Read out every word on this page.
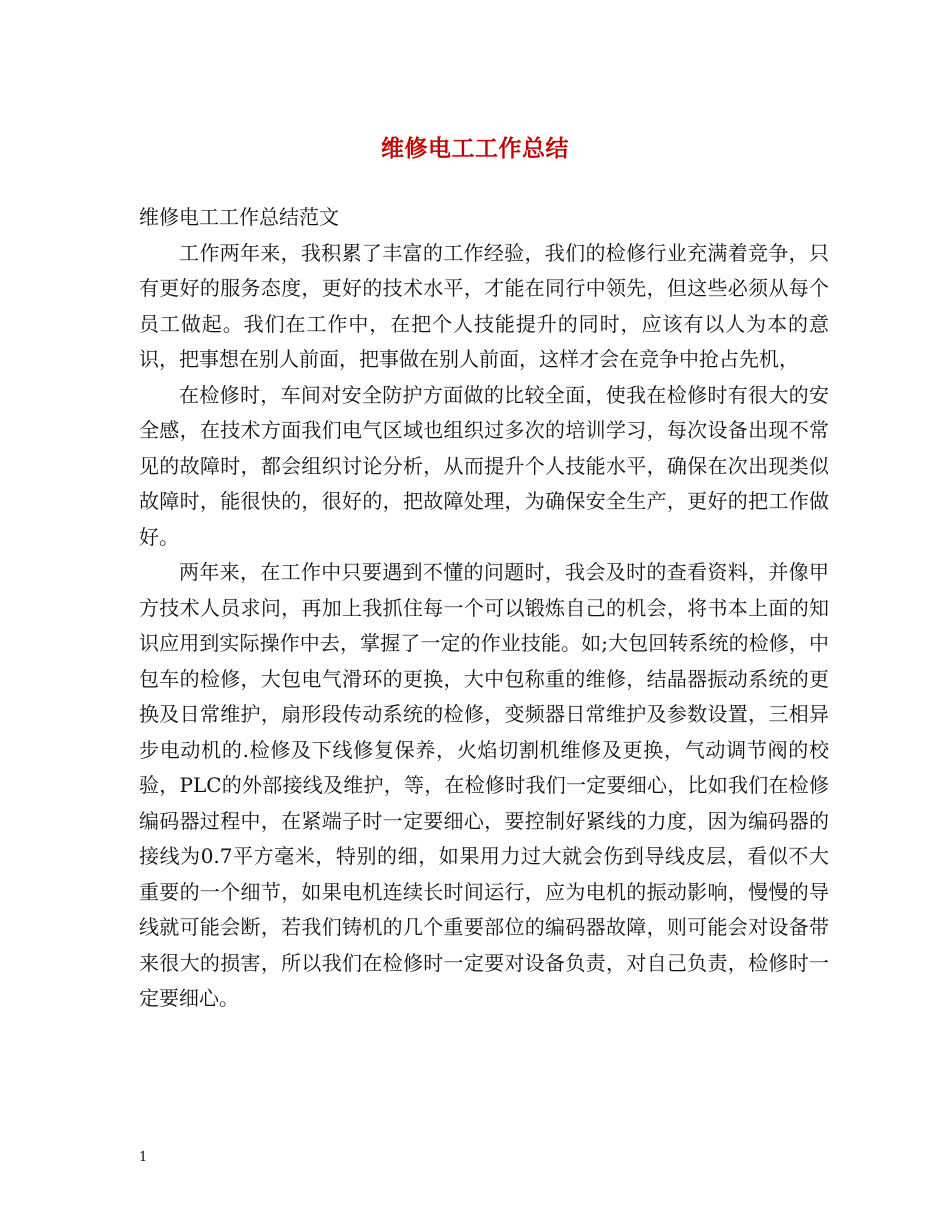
维修电工工作总结

维修电工工作总结范文

工作两年来，我积累了丰富的工作经验，我们的检修行业充满着竞争，只有更好的服务态度，更好的技术水平，才能在同行中领先，但这些必须从每个员工做起。我们在工作中，在把个人技能提升的同时，应该有以人为本的意识，把事想在别人前面，把事做在别人前面，这样才会在竞争中抢占先机，

在检修时，车间对安全防护方面做的比较全面，使我在检修时有很大的安全感，在技术方面我们电气区域也组织过多次的培训学习，每次设备出现不常见的故障时，都会组织讨论分析，从而提升个人技能水平，确保在次出现类似故障时，能很快的，很好的，把故障处理，为确保安全生产，更好的把工作做好。

两年来，在工作中只要遇到不懂的问题时，我会及时的查看资料，并像甲方技术人员求问，再加上我抓住每一个可以锻炼自己的机会，将书本上面的知识应用到实际操作中去，掌握了一定的作业技能。如;大包回转系统的检修，中包车的检修，大包电气滑环的更换，大中包称重的维修，结晶器振动系统的更换及日常维护，扇形段传动系统的检修，变频器日常维护及参数设置，三相异步电动机的.检修及下线修复保养，火焰切割机维修及更换，气动调节阀的校验，PLC的外部接线及维护，等，在检修时我们一定要细心，比如我们在检修编码器过程中，在紧端子时一定要细心，要控制好紧线的力度，因为编码器的接线为0.7平方毫米，特别的细，如果用力过大就会伤到导线皮层，看似不大重要的一个细节，如果电机连续长时间运行，应为电机的振动影响，慢慢的导线就可能会断，若我们铸机的几个重要部位的编码器故障，则可能会对设备带来很大的损害，所以我们在检修时一定要对设备负责，对自己负责，检修时一定要细心。

1
